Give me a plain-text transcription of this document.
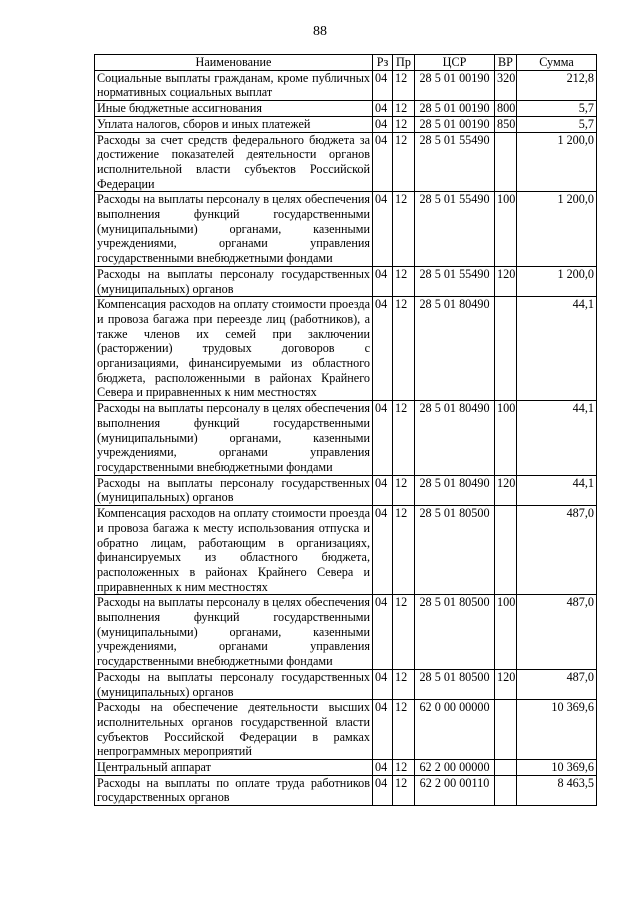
88
Наименование	Рз	Пр	ЦСР	ВР	Сумма
Социальные выплаты гражданам, кроме публичных нормативных социальных выплат	04	12	28 5 01 00190	320	212,8
Иные бюджетные ассигнования	04	12	28 5 01 00190	800	5,7
Уплата налогов, сборов и иных платежей	04	12	28 5 01 00190	850	5,7
Расходы за счет средств федерального бюджета за достижение показателей деятельности органов исполнительной власти субъектов Российской Федерации	04	12	28 5 01 55490		1 200,0
Расходы на выплаты персоналу в целях обеспечения выполнения функций государственными (муниципальными) органами, казенными учреждениями, органами управления государственными внебюджетными фондами	04	12	28 5 01 55490	100	1 200,0
Расходы на выплаты персоналу государственных (муниципальных) органов	04	12	28 5 01 55490	120	1 200,0
Компенсация расходов на оплату стоимости проезда и провоза багажа при переезде лиц (работников), а также членов их семей при заключении (расторжении) трудовых договоров с организациями, финансируемыми из областного бюджета, расположенными в районах Крайнего Севера и приравненных к ним местностях	04	12	28 5 01 80490		44,1
Расходы на выплаты персоналу в целях обеспечения выполнения функций государственными (муниципальными) органами, казенными учреждениями, органами управления государственными внебюджетными фондами	04	12	28 5 01 80490	100	44,1
Расходы на выплаты персоналу государственных (муниципальных) органов	04	12	28 5 01 80490	120	44,1
Компенсация расходов на оплату стоимости проезда и провоза багажа к месту использования отпуска и обратно лицам, работающим в организациях, финансируемых из областного бюджета, расположенных в районах Крайнего Севера и приравненных к ним местностях	04	12	28 5 01 80500		487,0
Расходы на выплаты персоналу в целях обеспечения выполнения функций государственными (муниципальными) органами, казенными учреждениями, органами управления государственными внебюджетными фондами	04	12	28 5 01 80500	100	487,0
Расходы на выплаты персоналу государственных (муниципальных) органов	04	12	28 5 01 80500	120	487,0
Расходы на обеспечение деятельности высших исполнительных органов государственной власти субъектов Российской Федерации в рамках непрограммных мероприятий	04	12	62 0 00 00000		10 369,6
Центральный аппарат	04	12	62 2 00 00000		10 369,6
Расходы на выплаты по оплате труда работников государственных органов	04	12	62 2 00 00110		8 463,5
